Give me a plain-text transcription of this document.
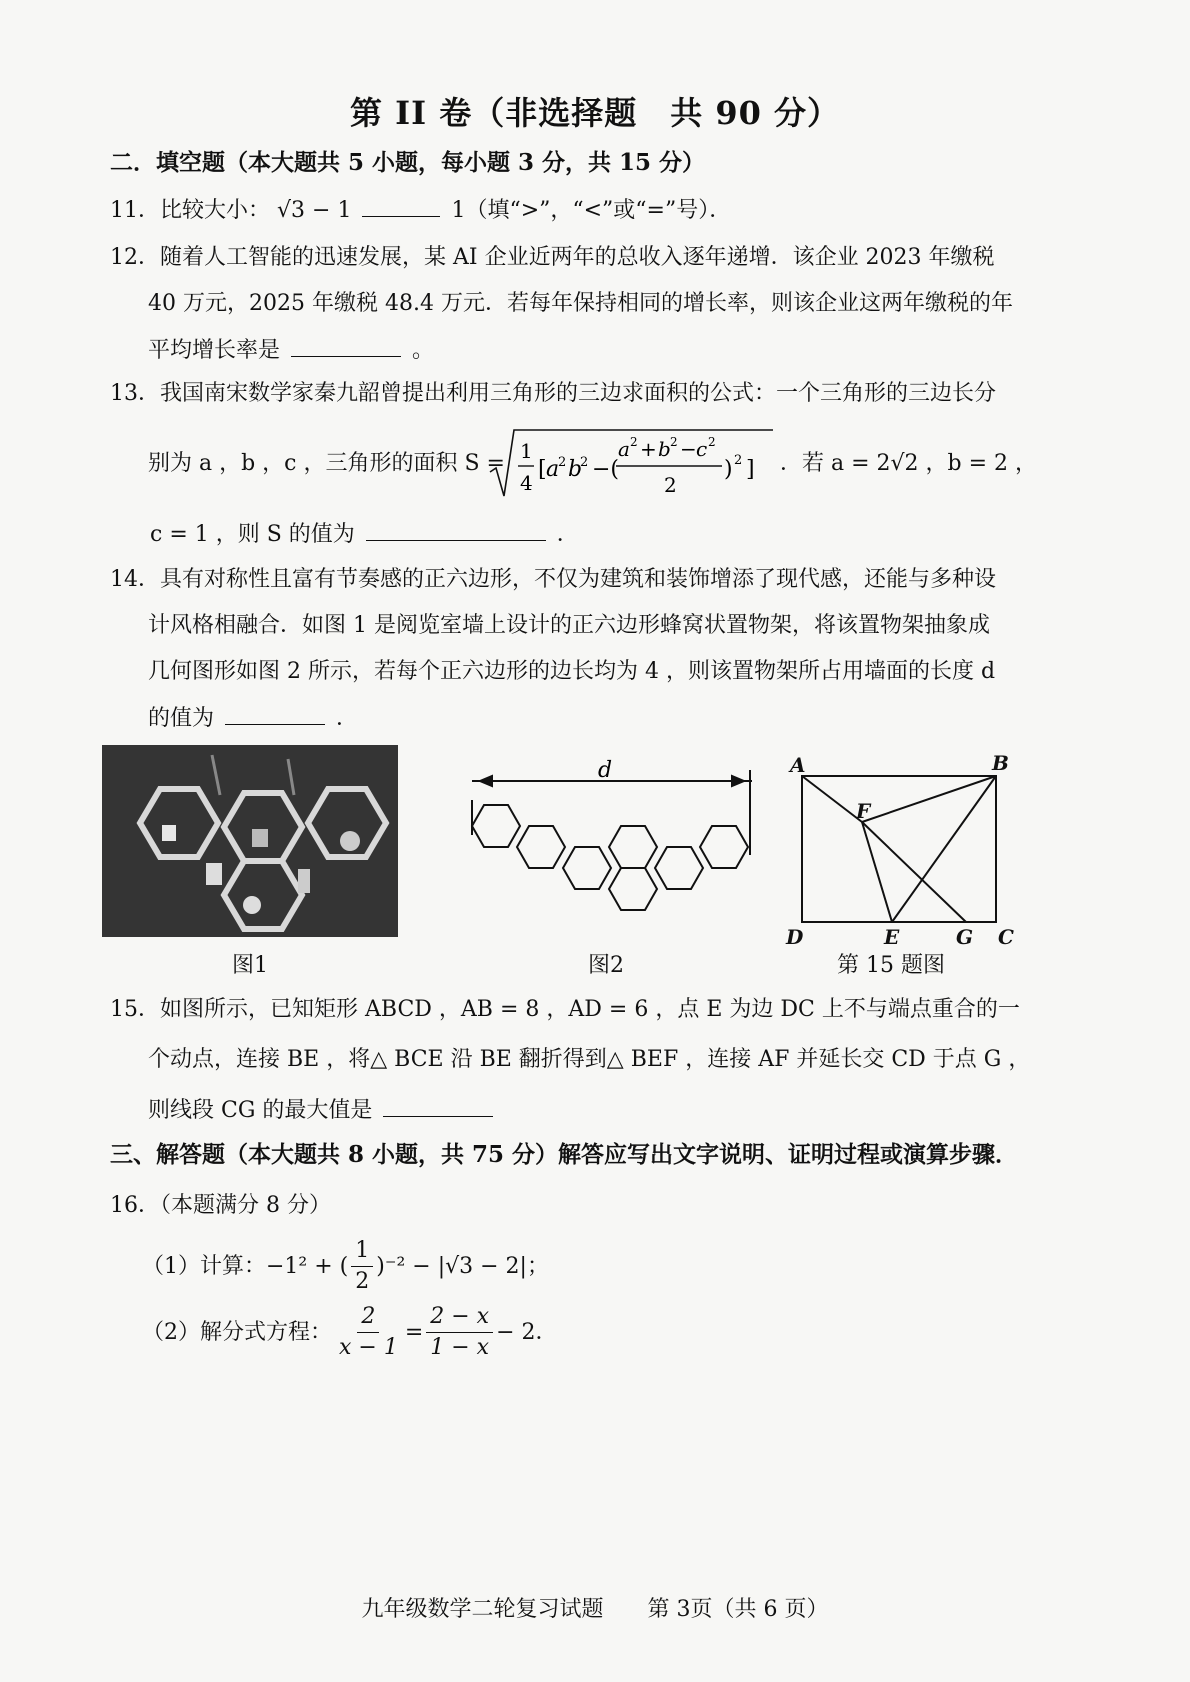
第 II 卷（非选择题　共 90 分）
二．填空题（本大题共 5 小题，每小题 3 分，共 15 分）
11．比较大小： √3 − 1	1（填“>”，“<”或“=”号）．
12．随着人工智能的迅速发展，某 AI 企业近两年的总收入逐年递增．该企业 2023 年缴税
40 万元，2025 年缴税 48.4 万元．若每年保持相同的增长率，则该企业这两年缴税的年
平均增长率是	。
13．我国南宋数学家秦九韶曾提出利用三角形的三边求面积的公式：一个三角形的三边长分
别为 a ，b ，c ，三角形的面积 S = 1
4
[ a
2 b
2 −(
a 2 + b 2 − c 2
2
) 2 ] ．若 a = 2√2 ，b = 2 ，
c = 1 ，则 S 的值为	．
14．具有对称性且富有节奏感的正六边形，不仅为建筑和装饰增添了现代感，还能与多种设
计风格相融合．如图 1 是阅览室墙上设计的正六边形蜂窝状置物架，将该置物架抽象成
几何图形如图 2 所示，若每个正六边形的边长均为 4 ，则该置物架所占用墙面的长度 d
的值为	．
图1
d
图2
A	B
C
D	E
F
G
第 15 题图
15．如图所示，已知矩形 ABCD ，AB = 8 ，AD = 6 ，点 E 为边 DC 上不与端点重合的一
个动点，连接 BE ，将△ BCE 沿 BE 翻折得到△ BEF ，连接 AF 并延长交 CD 于点 G ，
则线段 CG 的最大值是
三、解答题（本大题共 8 小题，共 75 分）解答应写出文字说明、证明过程或演算步骤．
16．（本题满分 8 分）
（1）计算： −1² + ( $\frac{1}{2} )^{-2} - |√3 - 2|$；
（2）解分式方程： $\frac{2}{x - 1} = \frac{2 - x}{1 - x} - 2$．
九年级数学二轮复习试题　　第 3页（共 6 页）
